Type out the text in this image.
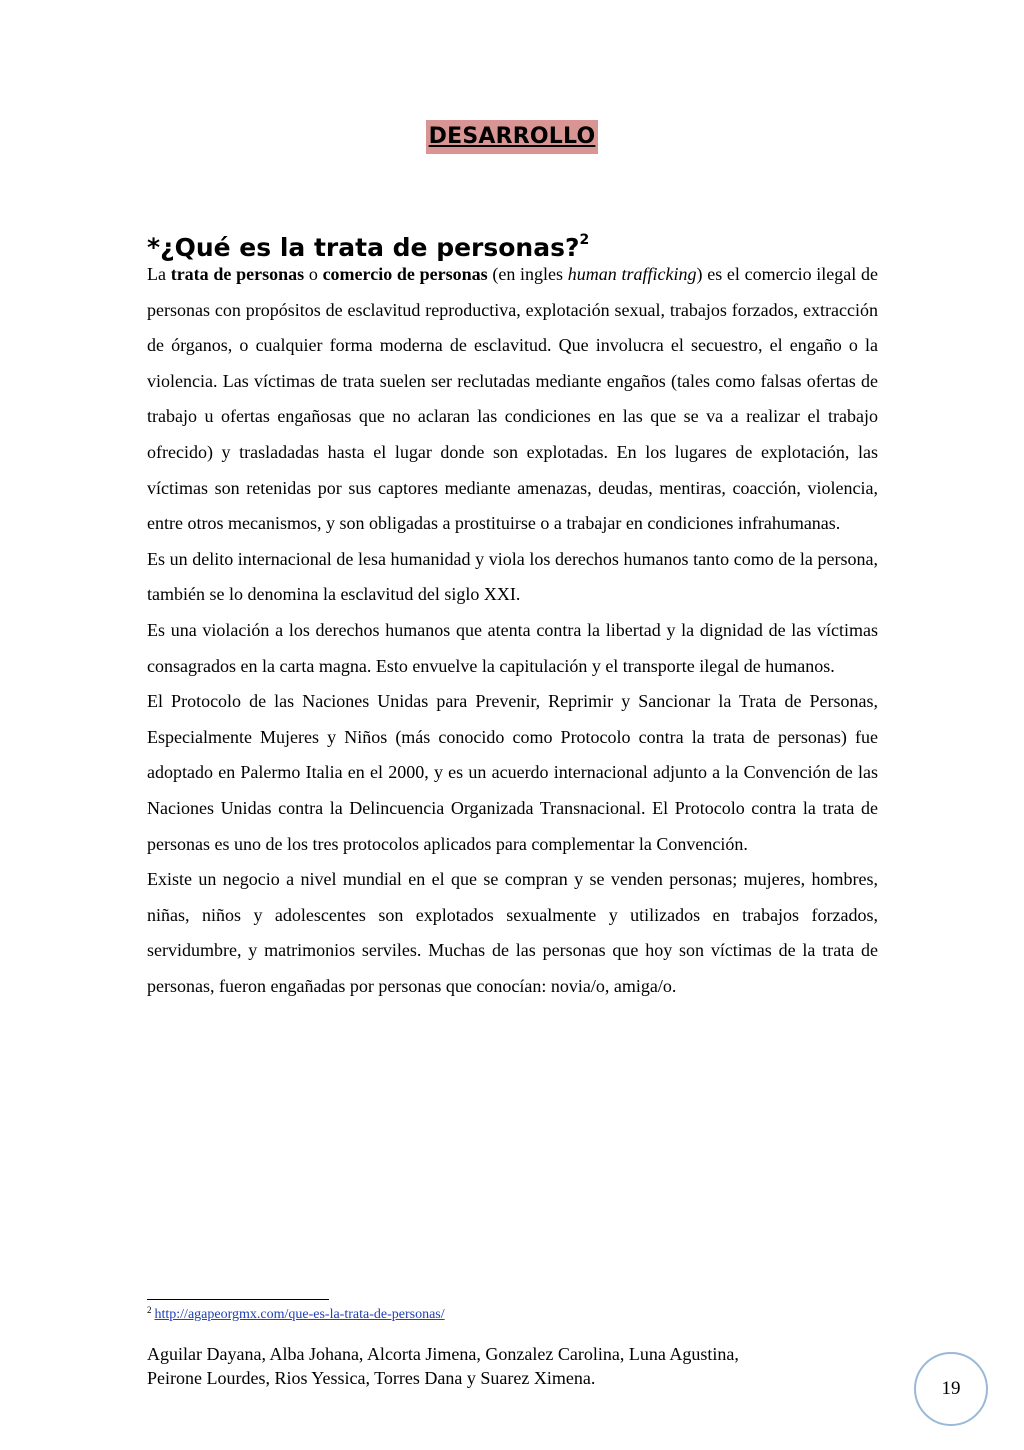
DESARROLLO
*¿Qué es la trata de personas?$^2$

La trata de personas o comercio de personas (en ingles human trafficking) es el comercio ilegal de personas con propósitos de esclavitud reproductiva, explotación sexual, trabajos forzados, extracción de órganos, o cualquier forma moderna de esclavitud. Que involucra el secuestro, el engaño o la violencia. Las víctimas de trata suelen ser reclutadas mediante engaños (tales como falsas ofertas de trabajo u ofertas engañosas que no aclaran las condiciones en las que se va a realizar el trabajo ofrecido) y trasladadas hasta el lugar donde son explotadas. En los lugares de explotación, las víctimas son retenidas por sus captores mediante amenazas, deudas, mentiras, coacción, violencia, entre otros mecanismos, y son obligadas a prostituirse o a trabajar en condiciones infrahumanas.

Es un delito internacional de lesa humanidad y viola los derechos humanos tanto como de la persona, también se lo denomina la esclavitud del siglo XXI.

Es una violación a los derechos humanos que atenta contra la libertad y la dignidad de las víctimas consagrados en la carta magna. Esto envuelve la capitulación y el transporte ilegal de humanos.

El Protocolo de las Naciones Unidas para Prevenir, Reprimir y Sancionar la Trata de Personas, Especialmente Mujeres y Niños (más conocido como Protocolo contra la trata de personas) fue adoptado en Palermo Italia en el 2000, y es un acuerdo internacional adjunto a la Convención de las Naciones Unidas contra la Delincuencia Organizada Transnacional. El Protocolo contra la trata de personas es uno de los tres protocolos aplicados para complementar la Convención.

Existe un negocio a nivel mundial en el que se compran y se venden personas; mujeres, hombres, niñas, niños y adolescentes son explotados sexualmente y utilizados en trabajos forzados, servidumbre, y matrimonios serviles. Muchas de las personas que hoy son víctimas de la trata de personas, fueron engañadas por personas que conocían: novia/o, amiga/o.

$^2$ http://agapeorgmx.com/que-es-la-trata-de-personas/
Aguilar Dayana, Alba Johana, Alcorta Jimena, Gonzalez Carolina, Luna Agustina,
Peirone Lourdes, Rios Yessica, Torres Dana y Suarez Ximena.	19
